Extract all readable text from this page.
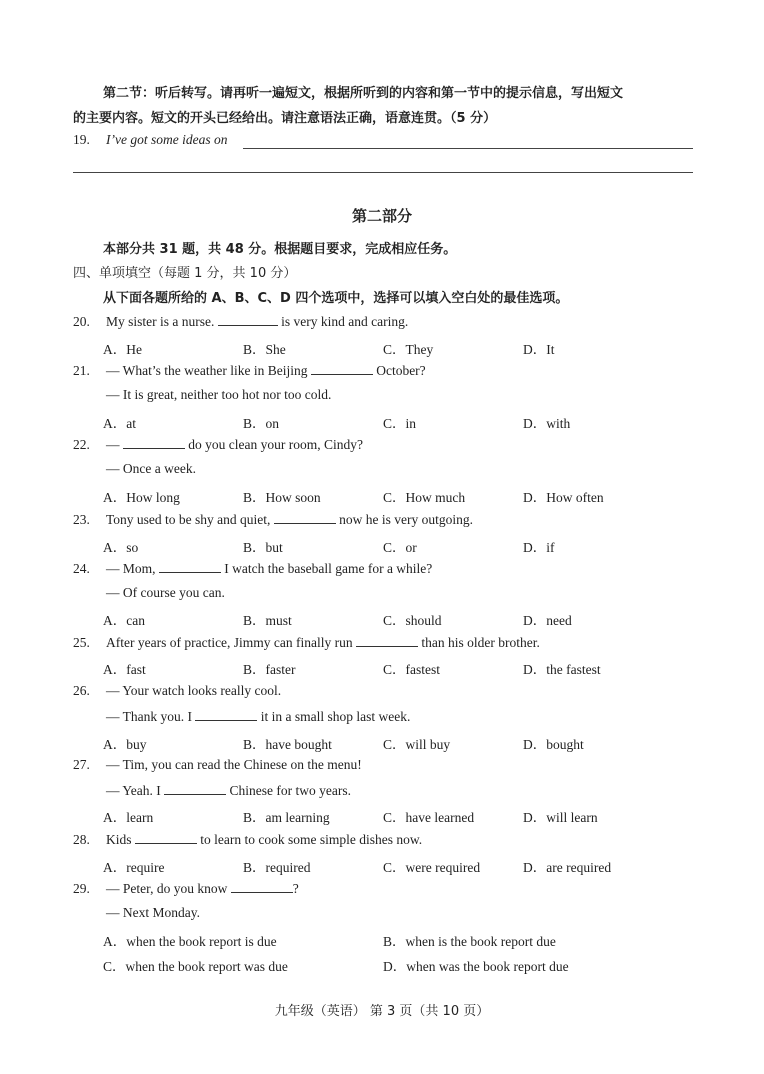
第二节：听后转写。请再听一遍短文，根据所听到的内容和第一节中的提示信息，写出短文
的主要内容。短文的开头已经给出。请注意语法正确，语意连贯。（5 分）
19. I’ve got some ideas on
第二部分
本部分共 31 题，共 48 分。根据题目要求，完成相应任务。
四、单项填空（每题 1 分，共 10 分）
从下面各题所给的 A、B、C、D 四个选项中，选择可以填入空白处的最佳选项。
20. My sister is a nurse.	is very kind and caring.
A．He	B．She	C．They	D．It
21. — What’s the weather like in Beijing	October?
— It is great, neither too hot nor too cold.
A．at	B．on	C．in	D．with
22. —	do you clean your room, Cindy?
— Once a week.
A．How long	B．How soon	C．How much	D．How often
23. Tony used to be shy and quiet,	now he is very outgoing.
A．so	B．but	C．or	D．if
24. — Mom,	I watch the baseball game for a while?
— Of course you can.
A．can	B．must	C．should	D．need
25. After years of practice, Jimmy can finally run	than his older brother.
A．fast	B．faster	C．fastest	D．the fastest
26. — Your watch looks really cool.
— Thank you. I	it in a small shop last week.
A．buy	B．have bought	C．will buy	D．bought
27. — Tim, you can read the Chinese on the menu!
— Yeah. I	Chinese for two years.
A．learn	B．am learning	C．have learned	D．will learn
28. Kids	to learn to cook some simple dishes now.
A．require	B．required	C．were required	D．are required
29. — Peter, do you know	?
— Next Monday.
A．when the book report is due	B．when is the book report due
C．when the book report was due	D．when was the book report due
九年级（英语） 第 3 页（共 10 页）
